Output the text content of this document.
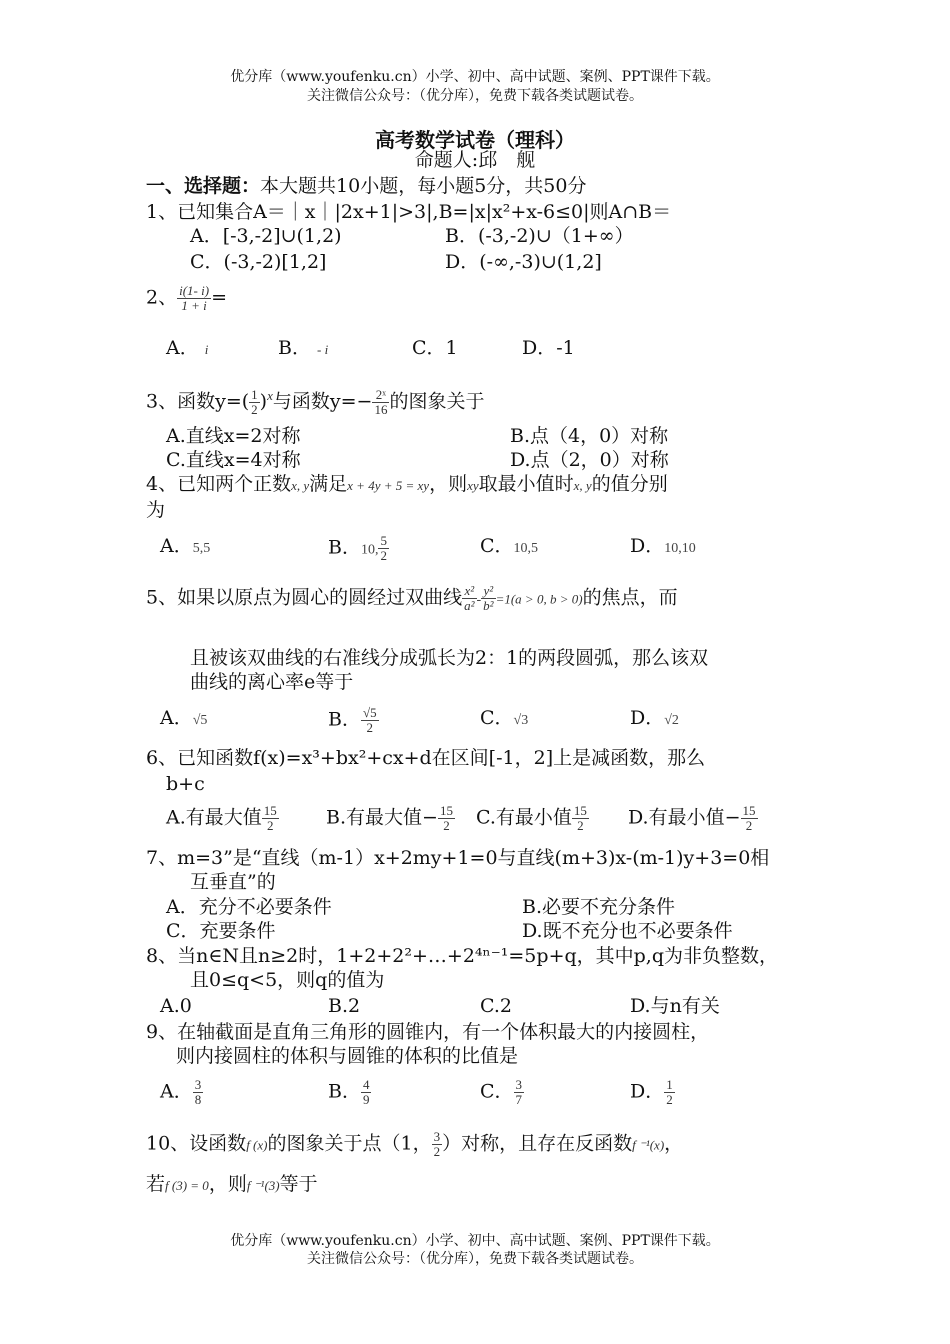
优分库（www.youfenku.cn）小学、初中、高中试题、案例、PPT课件下载。
关注微信公众号：（优分库），免费下载各类试题试卷。
高考数学试卷（理科）
命题人:邱　舰
一、选择题：本大题共10小题，每小题5分，共50分
1、已知集合A＝｜x｜|2x+1|>3|,B=|x|x²+x-6≤0|则A∩B＝
A．[-3,-2]∪(1,2)	B．(-3,-2)∪（1+∞）
C．(-3,-2)[1,2]	D．(-∞,-3)∪(1,2]
2、 $\frac{i(1- i)}{1 + i}$ =
A． i	B． - i	C．1	D．-1
3、函数$y=( \frac{1}{2} )^x$与函数$y=- \frac{\text{2ˣ}}{16}$ 的图象关于
A.直线x=2对称	B.点（4，0）对称
C.直线x=4对称	D.点（2，0）对称
4、已知两个正数x, y满足x + 4y + 5 = xy，则xy取最小值时x, y的值分别
为
A．5,5	B．10, $\frac{5}{2}$	C．10,5	D．10,10
5、如果以原点为圆心的圆经过双曲线 $\frac{\text{x²}}{\text{a²}} - \frac{\text{y²}}{\text{b²}} =1(a > 0$, b > 0)的焦点，而
且被该双曲线的右准线分成弧长为2：1的两段圆弧，那么该双
曲线的离心率e等于
A．√5	B． $\frac{√5}{2}$	C．√3	D．√2
6、已知函数f(x)=x³+bx²+cx+d在区间[-1，2]上是减函数，那么
b+c
A.有最大值 $\frac{15}{2} B$.有最大值− $\frac{15}{2} C$.有最小值 $\frac{15}{2} D$.有最小值− $\frac{15}{2}$
7、m=3”是“直线（m-1）x+2my+1=0与直线(m+3)x-(m-1)y+3=0相
互垂直”的
A．充分不必要条件	B.必要不充分条件
C．充要条件	D.既不充分也不必要条件
8、当n∈N且n≥2时，1+2+2²+…+2⁴ⁿ⁻¹=5p+q，其中p,q为非负整数，
且0≤q<5，则q的值为
A.0	B.2	C.2	D.与n有关
9、在轴截面是直角三角形的圆锥内，有一个体积最大的内接圆柱，
则内接圆柱的体积与圆锥的体积的比值是
A． $\frac{3}{8}$	B． $\frac{4}{9}$	C． $\frac{3}{7}$	D． $\frac{1}{2}$
10、设函数f (x)的图象关于点（1， $\frac{3}{2}$ ）对称，且存在反函数f ⁻¹(x)，
若f (3) = 0，则f ⁻¹(3)等于
优分库（www.youfenku.cn）小学、初中、高中试题、案例、PPT课件下载。
关注微信公众号：（优分库），免费下载各类试题试卷。
